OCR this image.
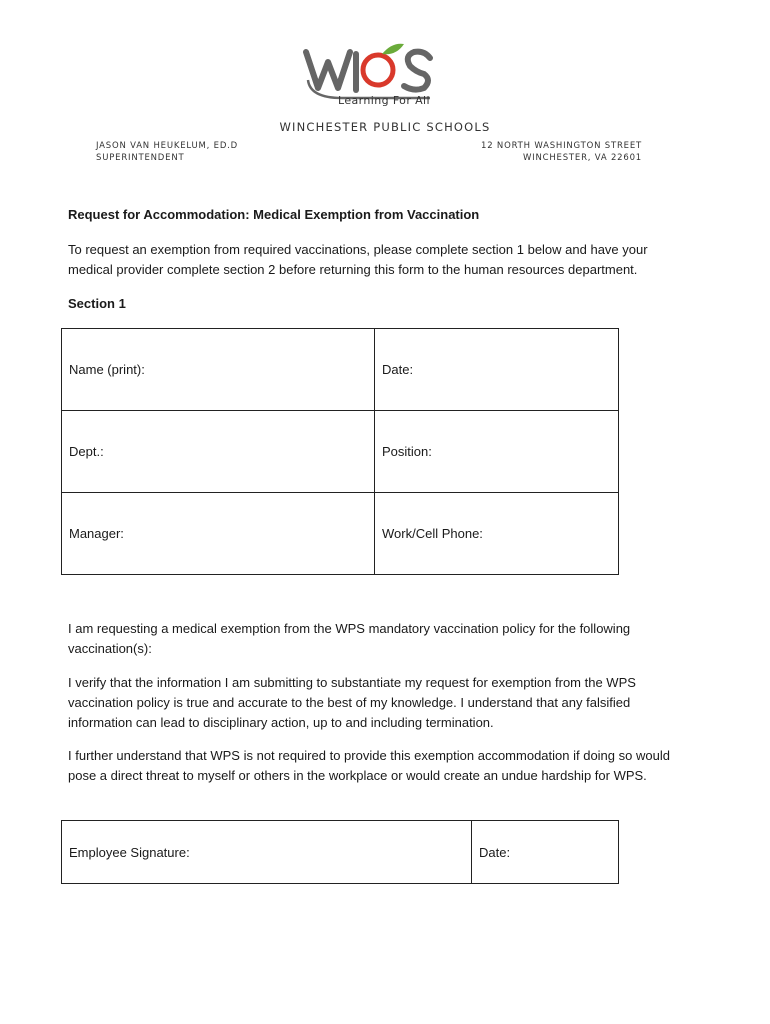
Learning For All
WINCHESTER PUBLIC SCHOOLS
JASON VAN HEUKELUM, ED.D
SUPERINTENDENT
12 NORTH WASHINGTON STREET
WINCHESTER, VA 22601
Request for Accommodation: Medical Exemption from Vaccination

To request an exemption from required vaccinations, please complete section 1 below and have your medical provider complete section 2 before returning this form to the human resources department.

Section 1
Name (print):	Date:
Dept.:	Position:
Manager:	Work/Cell Phone:

I am requesting a medical exemption from the WPS mandatory vaccination policy for the following vaccination(s):

I verify that the information I am submitting to substantiate my request for exemption from the WPS vaccination policy is true and accurate to the best of my knowledge. I understand that any falsified information can lead to disciplinary action, up to and including termination.

I further understand that WPS is not required to provide this exemption accommodation if doing so would pose a direct threat to myself or others in the workplace or would create an undue hardship for WPS.

Employee Signature:	Date:
